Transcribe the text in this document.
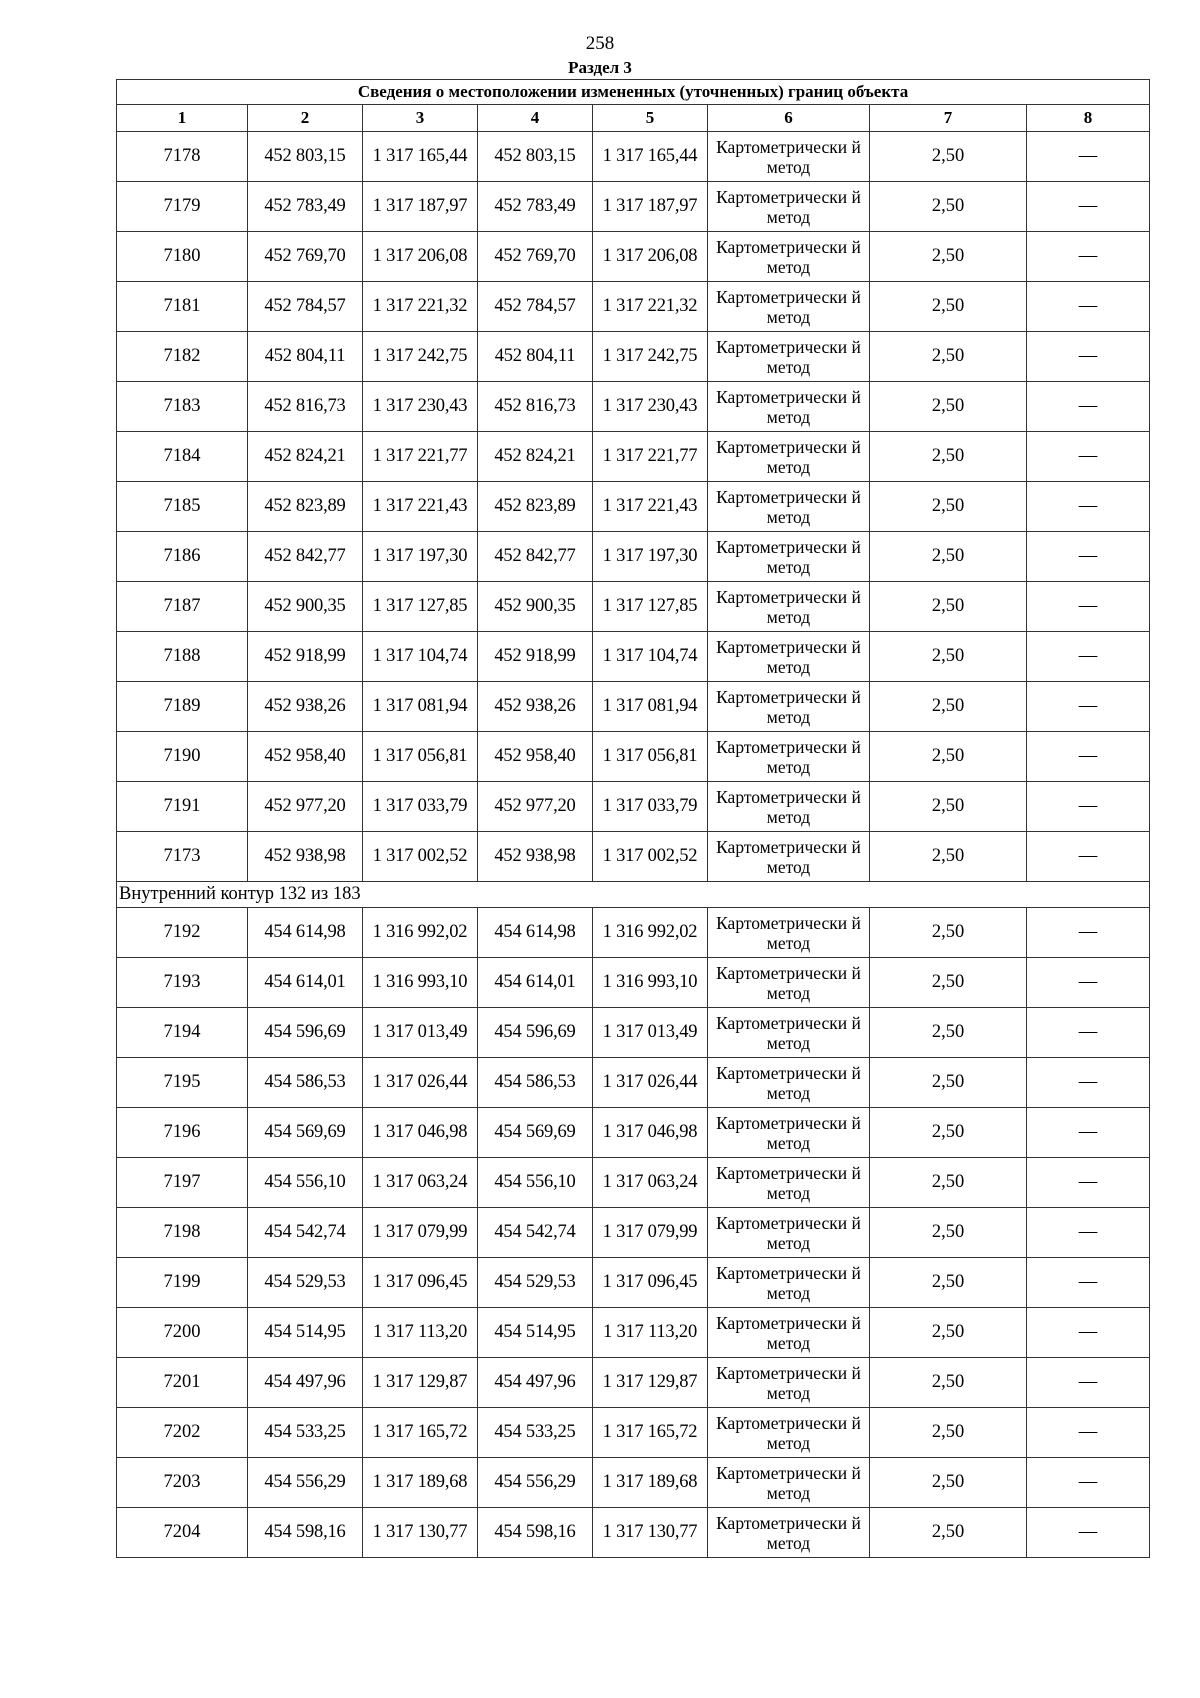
258
Раздел 3
Сведения о местоположении измененных (уточненных) границ объекта							
1	2	3	4	5	6	7	8
7178	452 803,15	1 317 165,44	452 803,15	1 317 165,44	Картометрически й метод	2,50	—
7179	452 783,49	1 317 187,97	452 783,49	1 317 187,97	Картометрически й метод	2,50	—
7180	452 769,70	1 317 206,08	452 769,70	1 317 206,08	Картометрически й метод	2,50	—
7181	452 784,57	1 317 221,32	452 784,57	1 317 221,32	Картометрически й метод	2,50	—
7182	452 804,11	1 317 242,75	452 804,11	1 317 242,75	Картометрически й метод	2,50	—
7183	452 816,73	1 317 230,43	452 816,73	1 317 230,43	Картометрически й метод	2,50	—
7184	452 824,21	1 317 221,77	452 824,21	1 317 221,77	Картометрически й метод	2,50	—
7185	452 823,89	1 317 221,43	452 823,89	1 317 221,43	Картометрически й метод	2,50	—
7186	452 842,77	1 317 197,30	452 842,77	1 317 197,30	Картометрически й метод	2,50	—
7187	452 900,35	1 317 127,85	452 900,35	1 317 127,85	Картометрически й метод	2,50	—
7188	452 918,99	1 317 104,74	452 918,99	1 317 104,74	Картометрически й метод	2,50	—
7189	452 938,26	1 317 081,94	452 938,26	1 317 081,94	Картометрически й метод	2,50	—
7190	452 958,40	1 317 056,81	452 958,40	1 317 056,81	Картометрически й метод	2,50	—
7191	452 977,20	1 317 033,79	452 977,20	1 317 033,79	Картометрически й метод	2,50	—
7173	452 938,98	1 317 002,52	452 938,98	1 317 002,52	Картометрически й метод	2,50	—
Внутренний контур 132 из 183							
7192	454 614,98	1 316 992,02	454 614,98	1 316 992,02	Картометрически й метод	2,50	—
7193	454 614,01	1 316 993,10	454 614,01	1 316 993,10	Картометрически й метод	2,50	—
7194	454 596,69	1 317 013,49	454 596,69	1 317 013,49	Картометрически й метод	2,50	—
7195	454 586,53	1 317 026,44	454 586,53	1 317 026,44	Картометрически й метод	2,50	—
7196	454 569,69	1 317 046,98	454 569,69	1 317 046,98	Картометрически й метод	2,50	—
7197	454 556,10	1 317 063,24	454 556,10	1 317 063,24	Картометрически й метод	2,50	—
7198	454 542,74	1 317 079,99	454 542,74	1 317 079,99	Картометрически й метод	2,50	—
7199	454 529,53	1 317 096,45	454 529,53	1 317 096,45	Картометрически й метод	2,50	—
7200	454 514,95	1 317 113,20	454 514,95	1 317 113,20	Картометрически й метод	2,50	—
7201	454 497,96	1 317 129,87	454 497,96	1 317 129,87	Картометрически й метод	2,50	—
7202	454 533,25	1 317 165,72	454 533,25	1 317 165,72	Картометрически й метод	2,50	—
7203	454 556,29	1 317 189,68	454 556,29	1 317 189,68	Картометрически й метод	2,50	—
7204	454 598,16	1 317 130,77	454 598,16	1 317 130,77	Картометрически й метод	2,50	—
